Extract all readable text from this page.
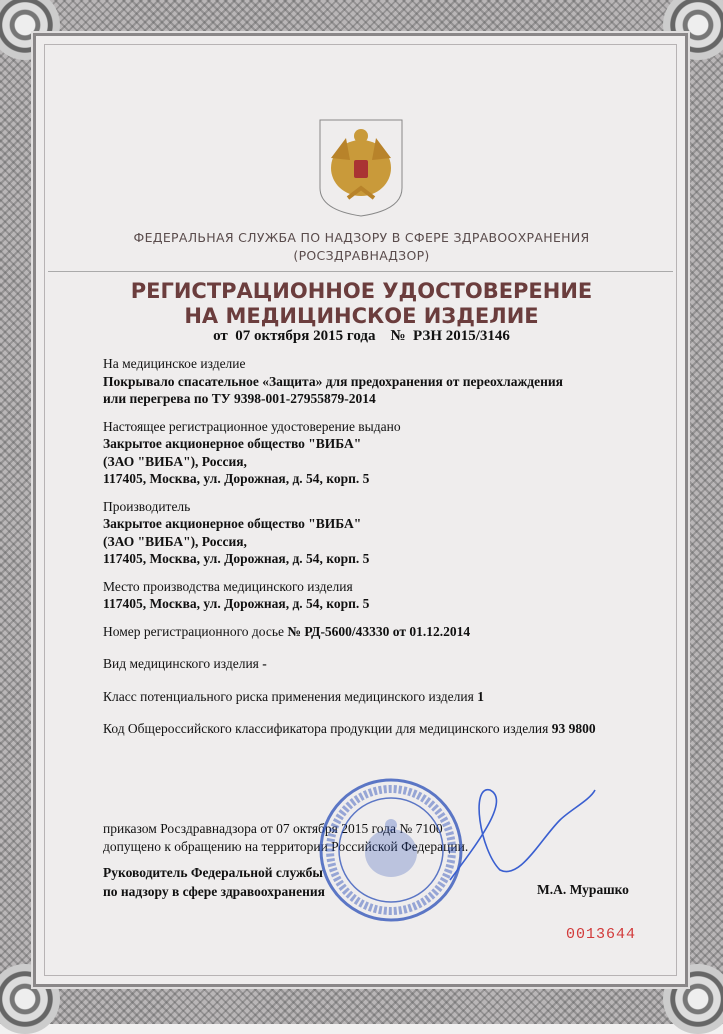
ФЕДЕРАЛЬНАЯ СЛУЖБА ПО НАДЗОРУ В СФЕРЕ ЗДРАВООХРАНЕНИЯ
(РОСЗДРАВНАДЗОР)
РЕГИСТРАЦИОННОЕ УДОСТОВЕРЕНИЕ
НА МЕДИЦИНСКОЕ ИЗДЕЛИЕ
от  07 октября 2015 года    №  РЗН 2015/3146

На медицинское изделие
Покрывало спасательное «Защита» для предохранения от переохлаждения
или перегрева по ТУ 9398-001-27955879-2014

Настоящее регистрационное удостоверение выдано
Закрытое акционерное общество "ВИБА"
(ЗАО "ВИБА"), Россия,
117405, Москва, ул. Дорожная, д. 54, корп. 5

Производитель
Закрытое акционерное общество "ВИБА"
(ЗАО "ВИБА"), Россия,
117405, Москва, ул. Дорожная, д. 54, корп. 5

Место производства медицинского изделия
117405, Москва, ул. Дорожная, д. 54, корп. 5

Номер регистрационного досье № РД-5600/43330 от 01.12.2014

Вид медицинского изделия -

Класс потенциального риска применения медицинского изделия 1

Код Общероссийского классификатора продукции для медицинского изделия 93 9800

приказом Росздравнадзора от 07 октября 2015 года № 7100
допущено к обращению на территории Российской Федерации.
Руководитель Федеральной службы
по надзору в сфере здравоохранения	М.А. Мурашко
0013644
